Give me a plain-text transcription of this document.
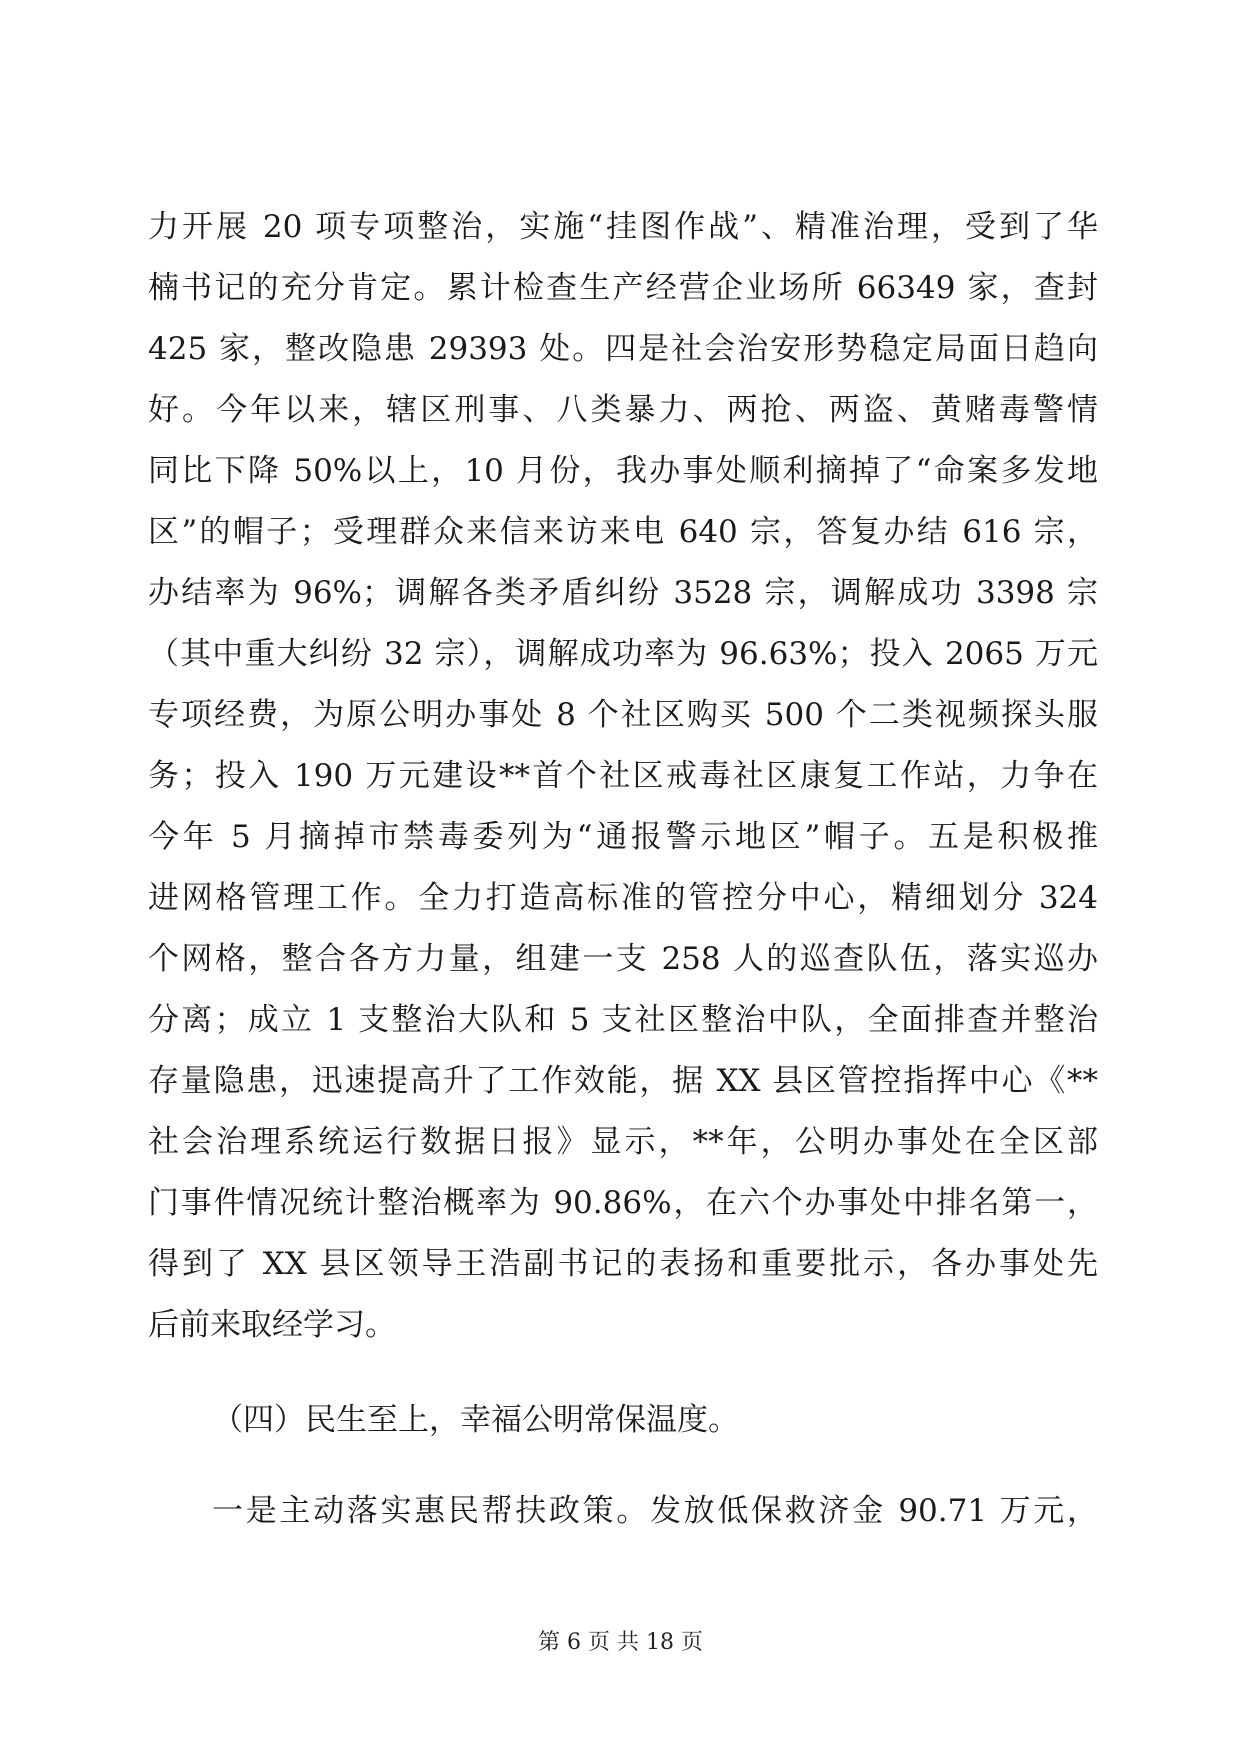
力开展 20 项专项整治，实施“挂图作战”、精准治理，受到了华
楠书记的充分肯定。累计检查生产经营企业场所 66349 家，查封
425 家，整改隐患 29393 处。四是社会治安形势稳定局面日趋向
好。今年以来，辖区刑事、八类暴力、两抢、两盗、黄赌毒警情
同比下降 50%以上，10 月份，我办事处顺利摘掉了“命案多发地
区”的帽子；受理群众来信来访来电 640 宗，答复办结 616 宗，
办结率为 96%；调解各类矛盾纠纷 3528 宗，调解成功 3398 宗
（其中重大纠纷 32 宗），调解成功率为 96.63%；投入 2065 万元
专项经费，为原公明办事处 8 个社区购买 500 个二类视频探头服
务；投入 190 万元建设**首个社区戒毒社区康复工作站，力争在
今年 5 月摘掉市禁毒委列为“通报警示地区”帽子。五是积极推
进网格管理工作。全力打造高标准的管控分中心，精细划分 324
个网格，整合各方力量，组建一支 258 人的巡查队伍，落实巡办
分离；成立 1 支整治大队和 5 支社区整治中队，全面排查并整治
存量隐患，迅速提高升了工作效能，据 XX 县区管控指挥中心《**
社会治理系统运行数据日报》显示，**年，公明办事处在全区部
门事件情况统计整治概率为 90.86%，在六个办事处中排名第一，
得到了 XX 县区领导王浩副书记的表扬和重要批示，各办事处先
后前来取经学习。
（四）民生至上，幸福公明常保温度。
一是主动落实惠民帮扶政策。发放低保救济金 90.71 万元，
第 6 页 共 18 页
